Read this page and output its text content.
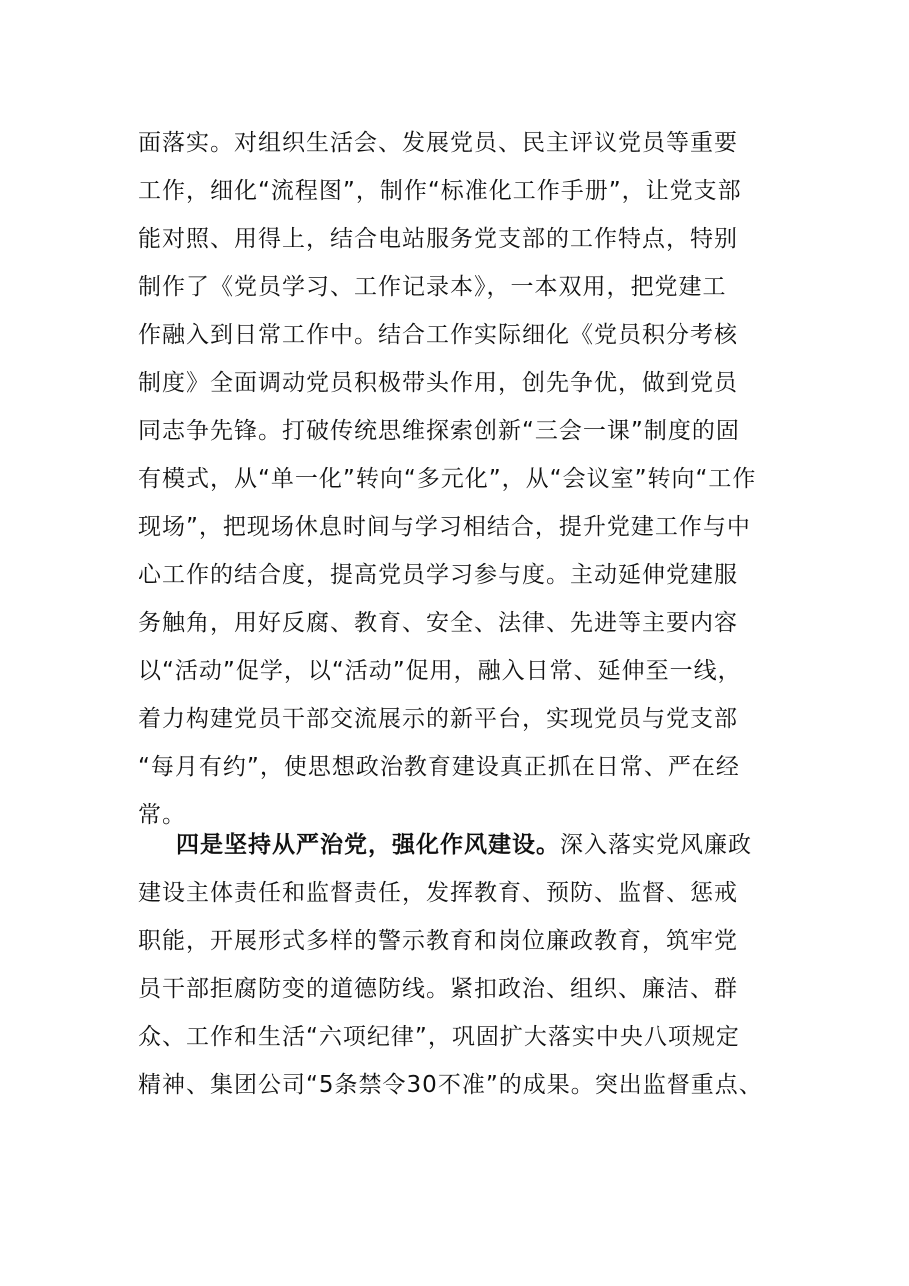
面落实。对组织生活会、发展党员、民主评议党员等重要
工作，细化“流程图”，制作“标准化工作手册”，让党支部
能对照、用得上，结合电站服务党支部的工作特点，特别
制作了《党员学习、工作记录本》，一本双用，把党建工
作融入到日常工作中。结合工作实际细化《党员积分考核
制度》全面调动党员积极带头作用，创先争优，做到党员
同志争先锋。打破传统思维探索创新“三会一课”制度的固
有模式，从“单一化”转向“多元化”，从“会议室”转向“工作
现场”，把现场休息时间与学习相结合，提升党建工作与中
心工作的结合度，提高党员学习参与度。主动延伸党建服
务触角，用好反腐、教育、安全、法律、先进等主要内容
以“活动”促学，以“活动”促用，融入日常、延伸至一线，
着力构建党员干部交流展示的新平台，实现党员与党支部
“每月有约”，使思想政治教育建设真正抓在日常、严在经
常。
四是坚持从严治党，强化作风建设。深入落实党风廉政
建设主体责任和监督责任，发挥教育、预防、监督、惩戒
职能，开展形式多样的警示教育和岗位廉政教育，筑牢党
员干部拒腐防变的道德防线。紧扣政治、组织、廉洁、群
众、工作和生活“六项纪律”，巩固扩大落实中央八项规定
精神、集团公司“5条禁令30不准”的成果。突出监督重点、
